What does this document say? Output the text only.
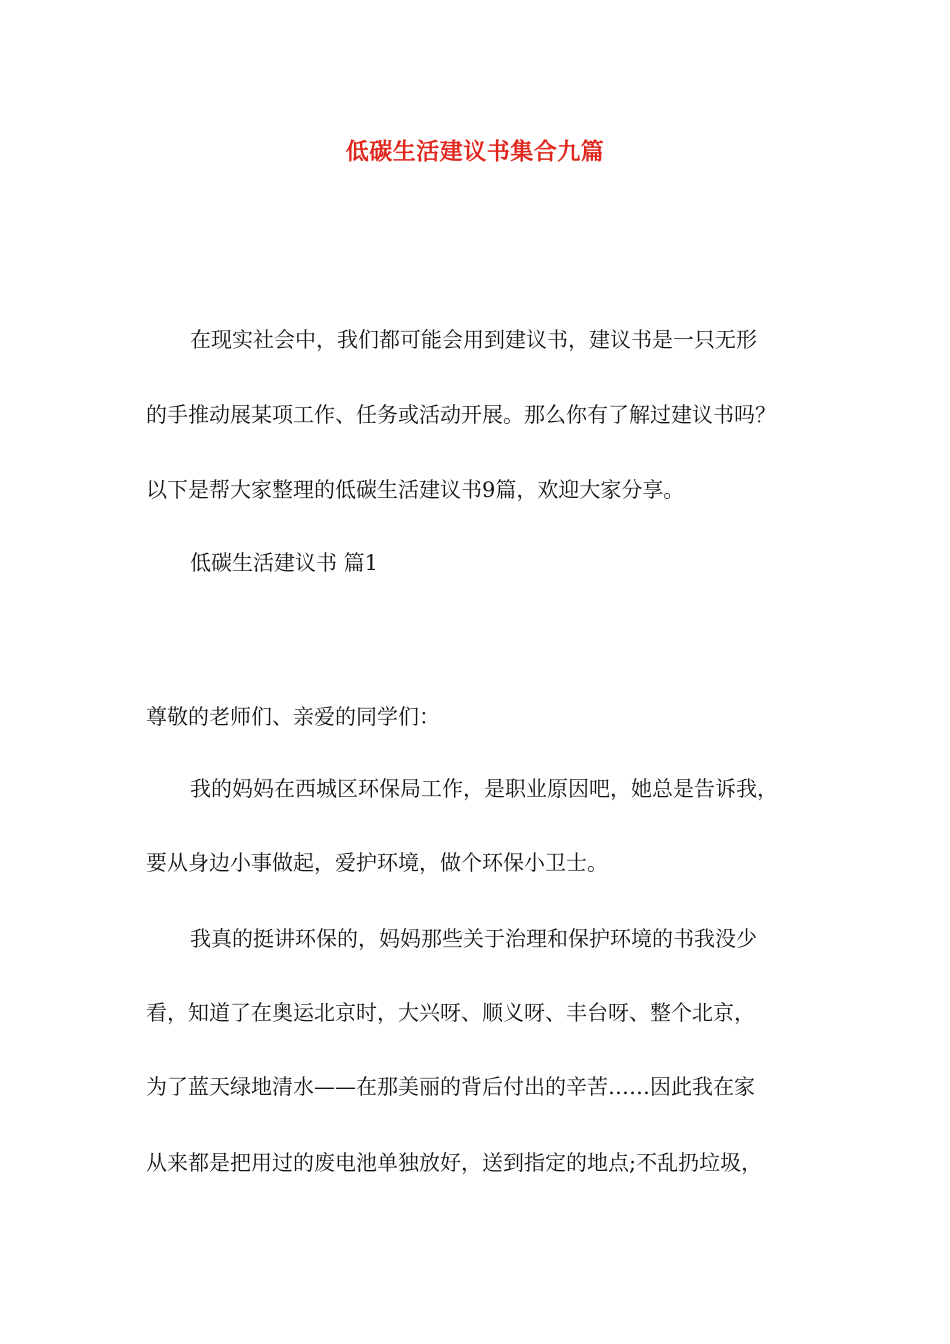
低碳生活建议书集合九篇
在现实社会中，我们都可能会用到建议书，建议书是一只无形
的手推动展某项工作、任务或活动开展。那么你有了解过建议书吗？
以下是帮大家整理的低碳生活建议书9篇，欢迎大家分享。
低碳生活建议书 篇1
尊敬的老师们、亲爱的同学们：
我的妈妈在西城区环保局工作，是职业原因吧，她总是告诉我，
要从身边小事做起，爱护环境，做个环保小卫士。
我真的挺讲环保的，妈妈那些关于治理和保护环境的书我没少
看，知道了在奥运北京时，大兴呀、顺义呀、丰台呀、整个北京，
为了蓝天绿地清水——在那美丽的背后付出的辛苦……因此我在家
从来都是把用过的废电池单独放好，送到指定的地点;不乱扔垃圾，
